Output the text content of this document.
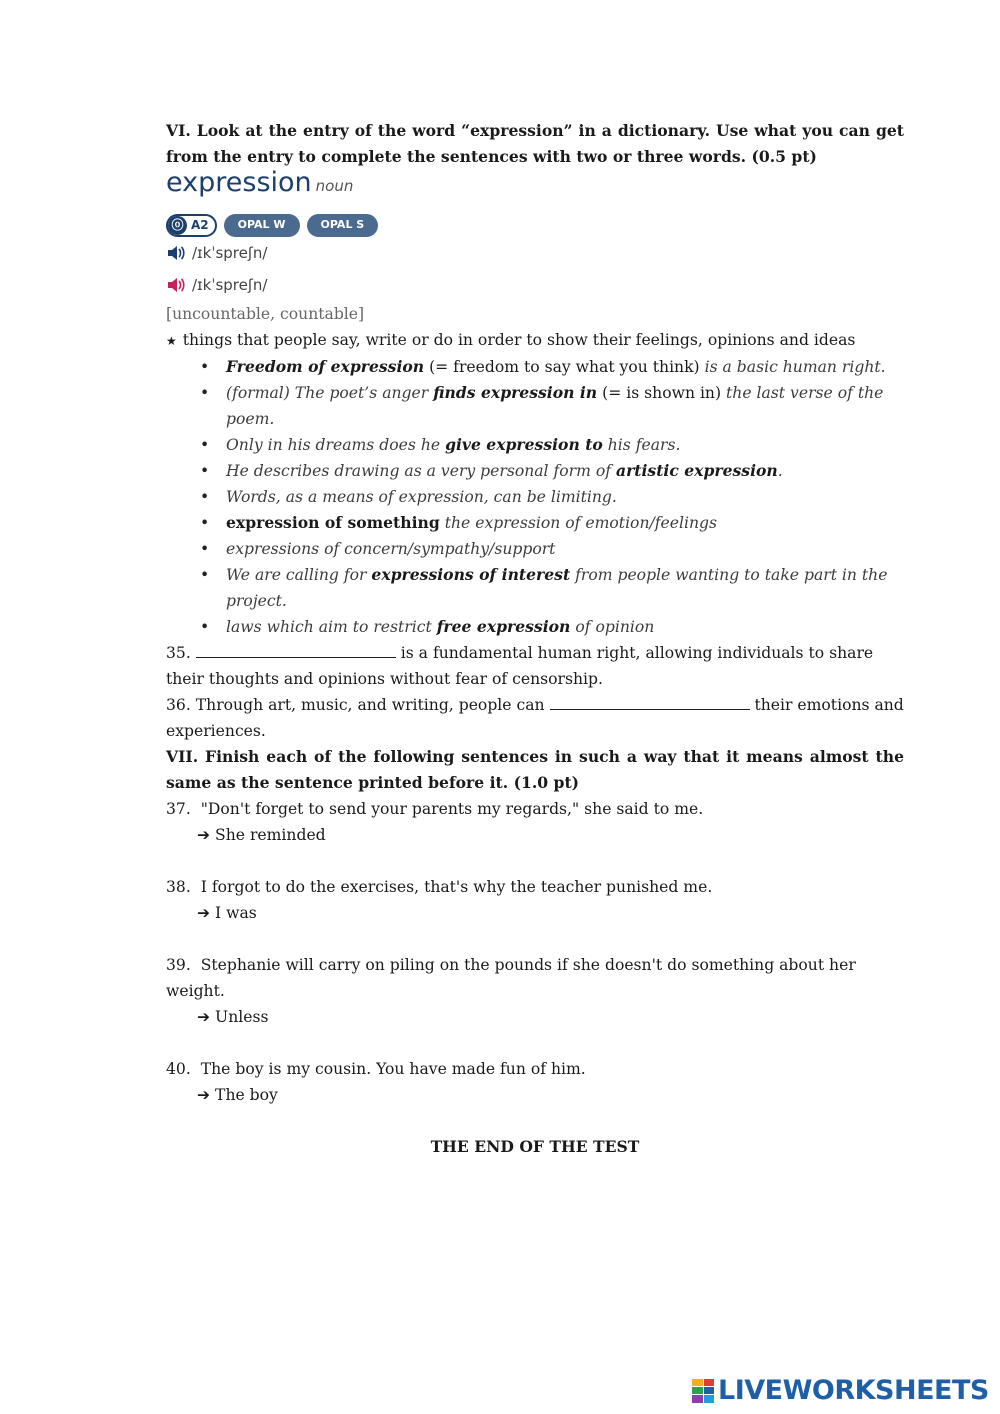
VI. Look at the entry of the word “expression” in a dictionary. Use what you can get from the entry to complete the sentences with two or three words. (0.5 pt)
expression noun
ⓞ A2	OPAL W	OPAL S
/ɪkˈspreʃn/
/ɪkˈspreʃn/
[uncountable, countable]
★ things that people say, write or do in order to show their feelings, opinions and ideas
• Freedom of expression (= freedom to say what you think) is a basic human right.
• (formal) The poet’s anger finds expression in (= is shown in) the last verse of the poem.
• Only in his dreams does he give expression to his fears.
• He describes drawing as a very personal form of artistic expression.
• Words, as a means of expression, can be limiting.
• expression of something the expression of emotion/feelings
• expressions of concern/sympathy/support
• We are calling for expressions of interest from people wanting to take part in the project.
• laws which aim to restrict free expression of opinion
35.	is a fundamental human right, allowing individuals to share their thoughts and opinions without fear of censorship.
36. Through art, music, and writing, people can	their emotions and experiences.
VII. Finish each of the following sentences in such a way that it means almost the same as the sentence printed before it. (1.0 pt)
37. "Don't forget to send your parents my regards," she said to me.
➔ She reminded
38. I forgot to do the exercises, that's why the teacher punished me.
➔ I was
39. Stephanie will carry on piling on the pounds if she doesn't do something about her weight.
➔ Unless
40. The boy is my cousin. You have made fun of him.
➔ The boy
THE END OF THE TEST
LIVEWORKSHEETS
